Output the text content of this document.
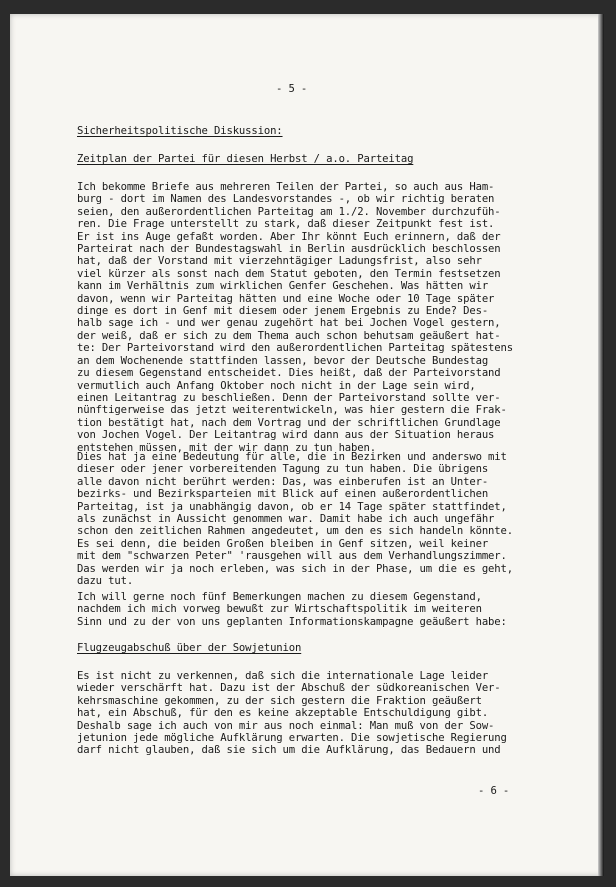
- 5 -
Sicherheitspolitische Diskussion:
Zeitplan der Partei für diesen Herbst / a.o. Parteitag
Ich bekomme Briefe aus mehreren Teilen der Partei, so auch aus Ham-
burg - dort im Namen des Landesvorstandes -, ob wir richtig beraten
seien, den außerordentlichen Parteitag am 1./2. November durchzufüh-
ren. Die Frage unterstellt zu stark, daß dieser Zeitpunkt fest ist.
Er ist ins Auge gefaßt worden. Aber Ihr könnt Euch erinnern, daß der
Parteirat nach der Bundestagswahl in Berlin ausdrücklich beschlossen
hat, daß der Vorstand mit vierzehntägiger Ladungsfrist, also sehr
viel kürzer als sonst nach dem Statut geboten, den Termin festsetzen
kann im Verhältnis zum wirklichen Genfer Geschehen. Was hätten wir
davon, wenn wir Parteitag hätten und eine Woche oder 10 Tage später
dinge es dort in Genf mit diesem oder jenem Ergebnis zu Ende? Des-
halb sage ich - und wer genau zugehört hat bei Jochen Vogel gestern,
der weiß, daß er sich zu dem Thema auch schon behutsam geäußert hat-
te: Der Parteivorstand wird den außerordentlichen Parteitag spätestens
an dem Wochenende stattfinden lassen, bevor der Deutsche Bundestag
zu diesem Gegenstand entscheidet. Dies heißt, daß der Parteivorstand
vermutlich auch Anfang Oktober noch nicht in der Lage sein wird,
einen Leitantrag zu beschließen. Denn der Parteivorstand sollte ver-
nünftigerweise das jetzt weiterentwickeln, was hier gestern die Frak-
tion bestätigt hat, nach dem Vortrag und der schriftlichen Grundlage
von Jochen Vogel. Der Leitantrag wird dann aus der Situation heraus
entstehen müssen, mit der wir dann zu tun haben.
Dies hat ja eine Bedeutung für alle, die in Bezirken und anderswo mit
dieser oder jener vorbereitenden Tagung zu tun haben. Die übrigens
alle davon nicht berührt werden: Das, was einberufen ist an Unter-
bezirks- und Bezirksparteien mit Blick auf einen außerordentlichen
Parteitag, ist ja unabhängig davon, ob er 14 Tage später stattfindet,
als zunächst in Aussicht genommen war. Damit habe ich auch ungefähr
schon den zeitlichen Rahmen angedeutet, um den es sich handeln könnte.
Es sei denn, die beiden Großen bleiben in Genf sitzen, weil keiner
mit dem "schwarzen Peter" 'rausgehen will aus dem Verhandlungszimmer.
Das werden wir ja noch erleben, was sich in der Phase, um die es geht,
dazu tut.
Ich will gerne noch fünf Bemerkungen machen zu diesem Gegenstand,
nachdem ich mich vorweg bewußt zur Wirtschaftspolitik im weiteren
Sinn und zu der von uns geplanten Informationskampagne geäußert habe:
Flugzeugabschuß über der Sowjetunion
Es ist nicht zu verkennen, daß sich die internationale Lage leider
wieder verschärft hat. Dazu ist der Abschuß der südkoreanischen Ver-
kehrsmaschine gekommen, zu der sich gestern die Fraktion geäußert
hat, ein Abschuß, für den es keine akzeptable Entschuldigung gibt.
Deshalb sage ich auch von mir aus noch einmal: Man muß von der Sow-
jetunion jede mögliche Aufklärung erwarten. Die sowjetische Regierung
darf nicht glauben, daß sie sich um die Aufklärung, das Bedauern und
- 6 -
